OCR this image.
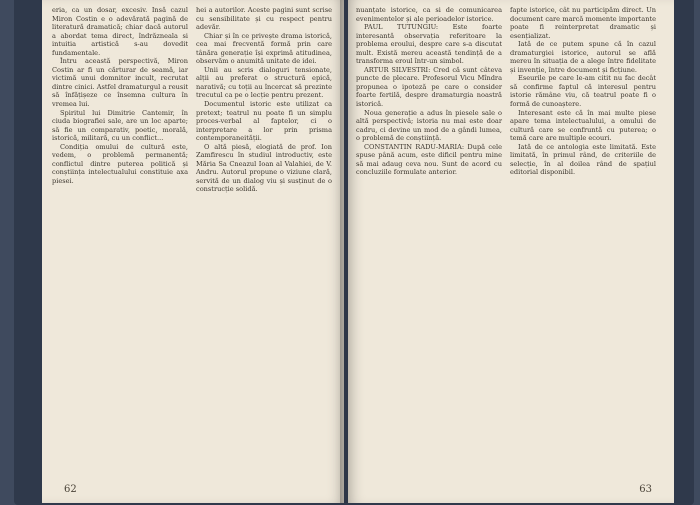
eria, ca un dosar, excesiv. Insă cazul Miron Costin e o adevărată pagină de literatură dramatică; chiar dacă autorul a abordat tema direct, îndrăzneala si intuitia artistică s-au dovedit fundamentale.

Întru această perspectivă, Miron Costin ar fi un cărturar de seamă, iar victimă unui domnitor incult, recrutat dintre cinici. Astfel dramaturgul a reusit să înfățișeze ce însemna cultura în vremea lui.

Spiritul lui Dimitrie Cantemir, în ciuda biografiei sale, are un loc aparte; să fie un comparativ, poetic, morală, istorică, militară, cu un conflict...

Condiția omului de cultură este, vedem, o problemă permanentă; conflictul dintre puterea politică și conștiința intelectualului constituie axa piesei.

hei a autorilor. Aceste pagini sunt scrise cu sensibilitate și cu respect pentru adevăr.

Chiar și în ce privește drama istorică, cea mai frecventă formă prin care tânăra generație își exprimă atitudinea, observăm o anumită unitate de idei.

Unii au scris dialoguri tensionate, alții au preferat o structură epică, narativă; cu toții au încercat să prezinte trecutul ca pe o lecție pentru prezent.

Documentul istoric este utilizat ca pretext; teatrul nu poate fi un simplu proces-verbal al faptelor, ci o interpretare a lor prin prisma contemporaneității.

O altă piesă, elogiată de prof. Ion Zamfirescu în studiul introductiv, este Măria Sa Cneazul Ioan al Valahiei, de V. Andru. Autorul propune o viziune clară, servită de un dialog viu și susținut de o construcție solidă.

62

nuanțate istorice, ca si de comunicarea evenimentelor și ale perioadelor istorice.

PAUL TUTUNGIU: Este foarte interesantă observația referitoare la problema eroului, despre care s-a discutat mult. Există mereu această tendință de a transforma eroul într-un simbol.

ARTUR SILVESTRI: Cred că sunt câteva puncte de plecare. Profesorul Vicu Mîndra propunea o ipoteză pe care o consider foarte fertilă, despre dramaturgia noastră istorică.

Noua generație a adus în piesele sale o altă perspectivă; istoria nu mai este doar cadru, ci devine un mod de a gândi lumea, o problemă de conștiință.

CONSTANTIN RADU-MARIA: După cele spuse până acum, este dificil pentru mine să mai adaug ceva nou. Sunt de acord cu concluziile formulate anterior.

fapte istorice, cât nu participăm direct. Un document care marcă momente importante poate fi reinterpretat dramatic și esențializat.

Iată de ce putem spune că în cazul dramaturgiei istorice, autorul se află mereu în situația de a alege între fidelitate și invenție, între document și ficțiune.

Eseurile pe care le-am citit nu fac decât să confirme faptul că interesul pentru istorie rămâne viu, că teatrul poate fi o formă de cunoaștere.

Interesant este că în mai multe piese apare tema intelectualului, a omului de cultură care se confruntă cu puterea; o temă care are multiple ecouri.

Iată de ce antologia este limitată. Este limitată, în primul rând, de criteriile de selecție, în al doilea rând de spațiul editorial disponibil.

63
